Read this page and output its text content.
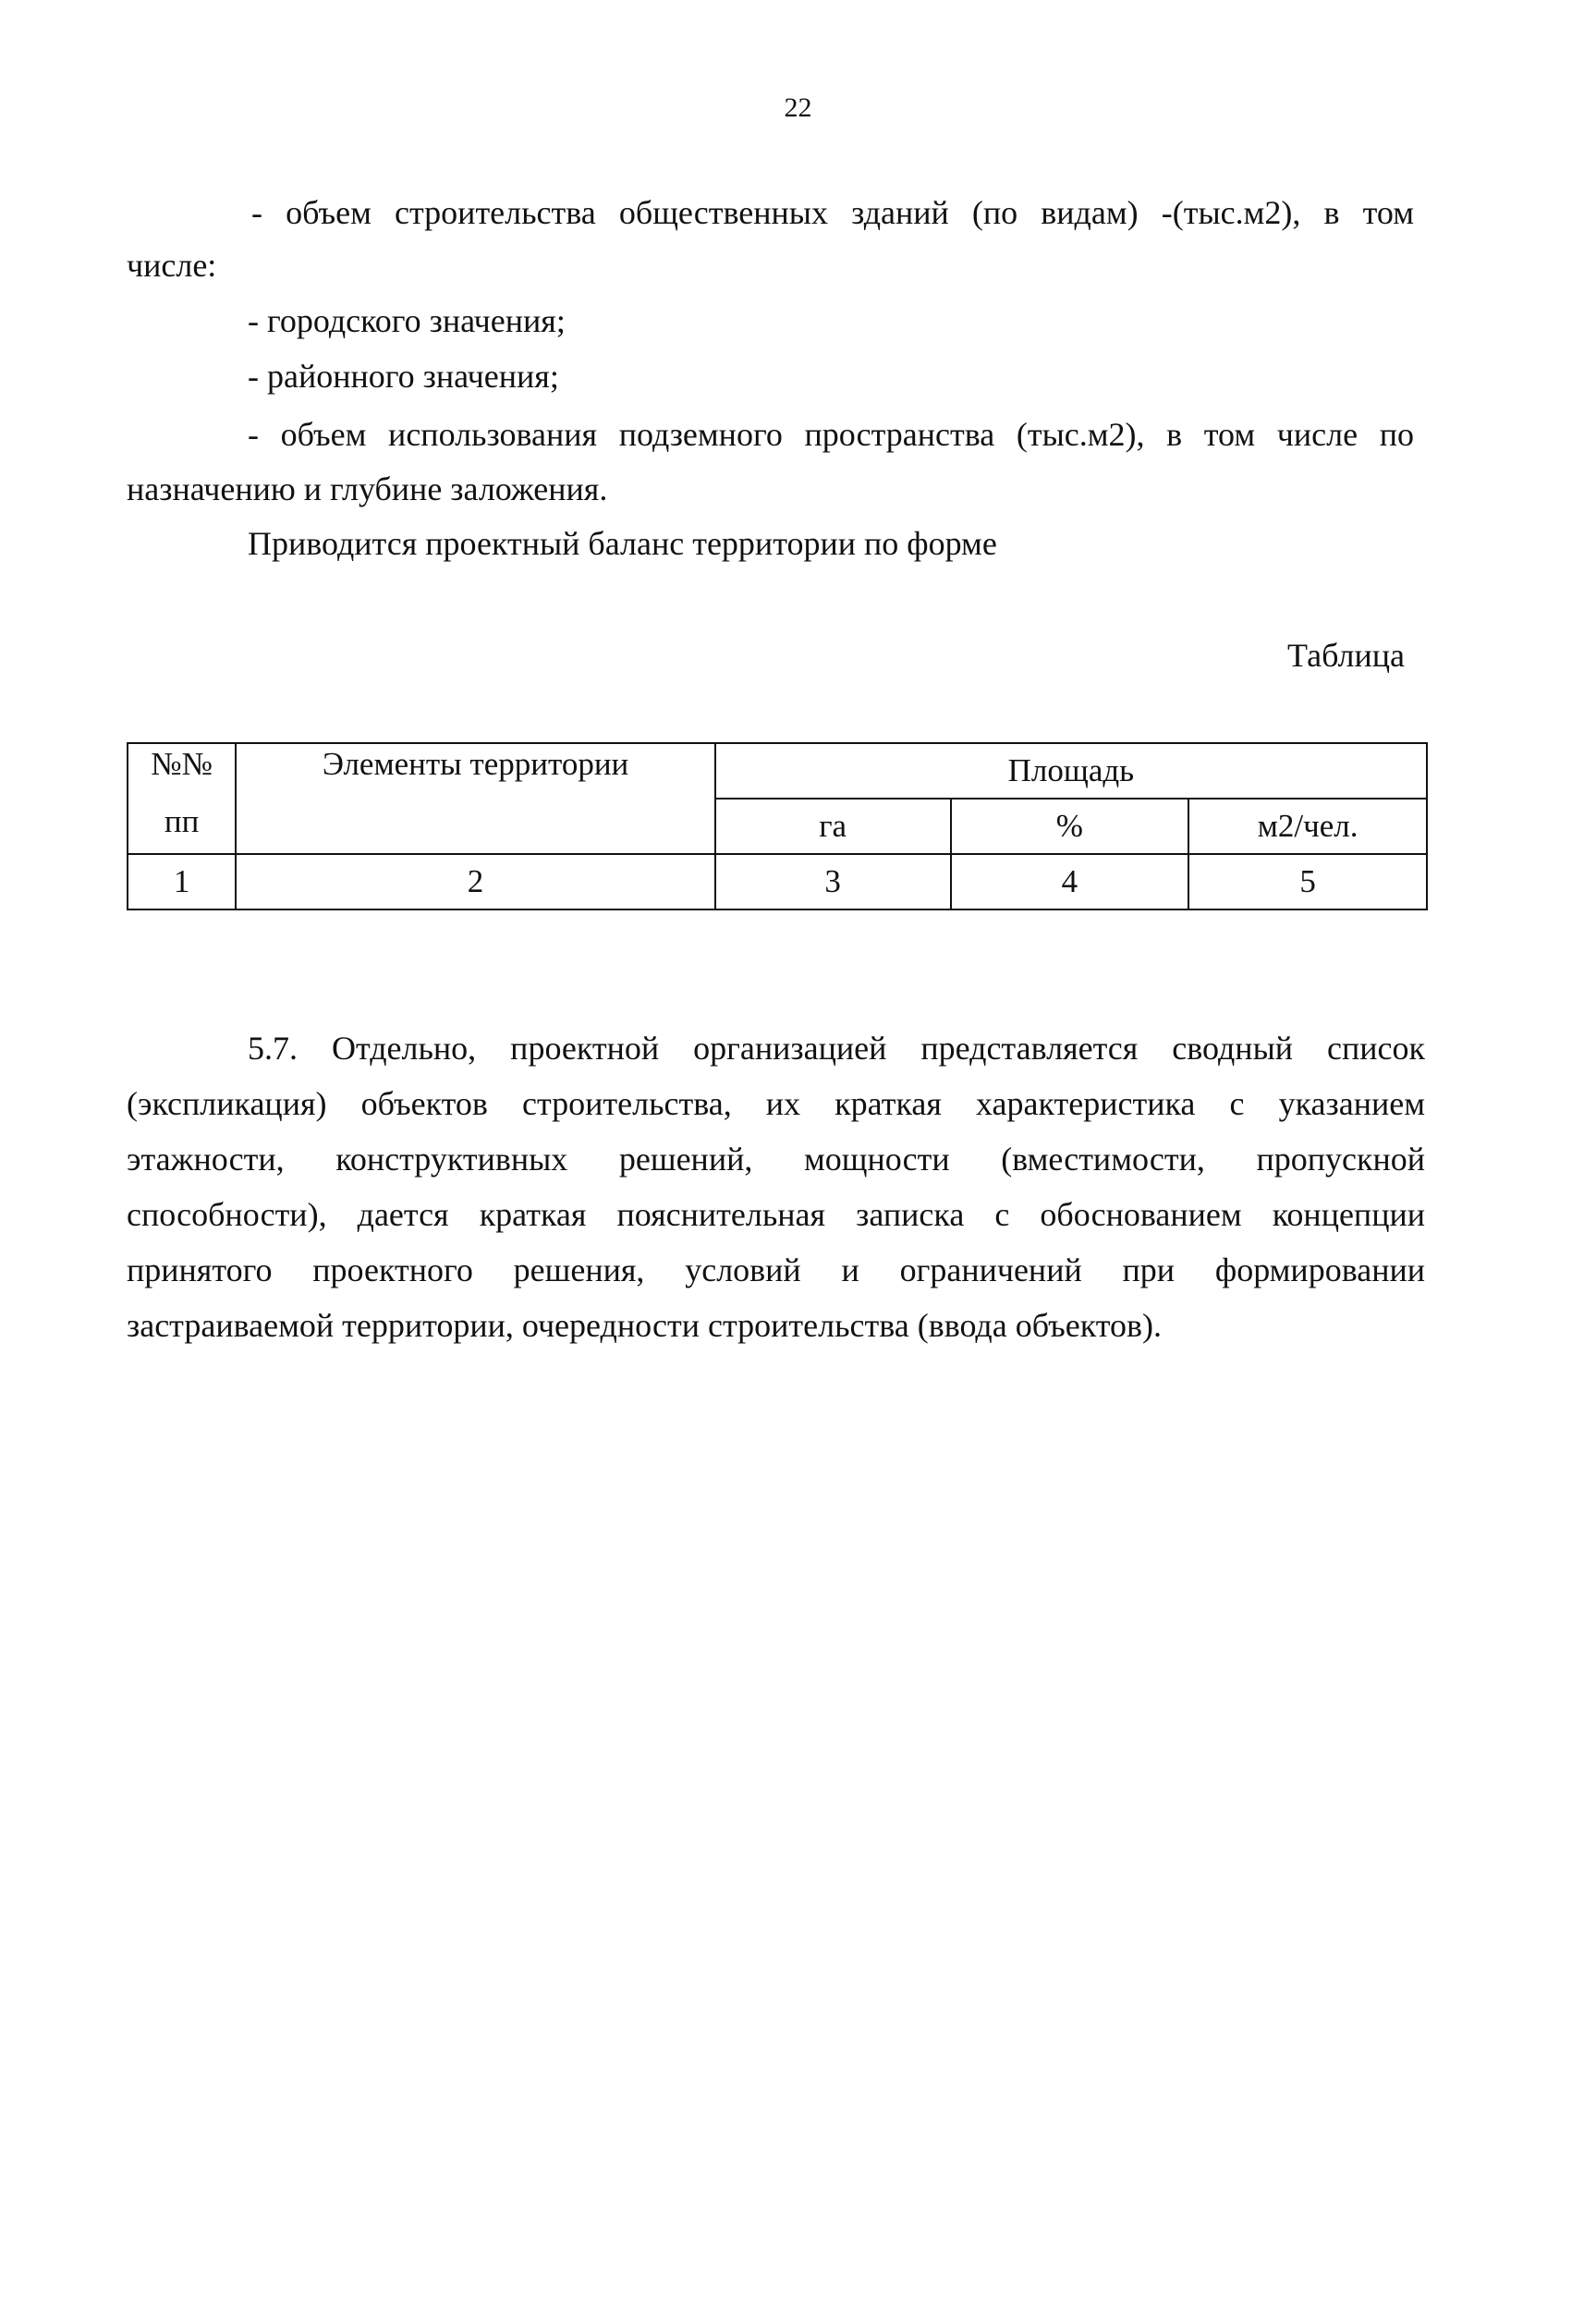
22
- объем строительства общественных зданий (по видам) -(тыс.м2), в том
числе:
- городского значения;
- районного значения;
- объем использования подземного пространства (тыс.м2), в том числе по
назначению и глубине заложения.
Приводится проектный баланс территории по форме
Таблица
№№
пп	Элементы территории	Площадь		
		га	%	м2/чел.
1	2	3	4	5
5.7. Отдельно, проектной организацией представляется сводный список
(экспликация) объектов строительства, их краткая характеристика с указанием
этажности, конструктивных решений, мощности (вместимости, пропускной
способности), дается краткая пояснительная записка с обоснованием концепции
принятого проектного решения, условий и ограничений при формировании
застраиваемой территории, очередности строительства (ввода объектов).
